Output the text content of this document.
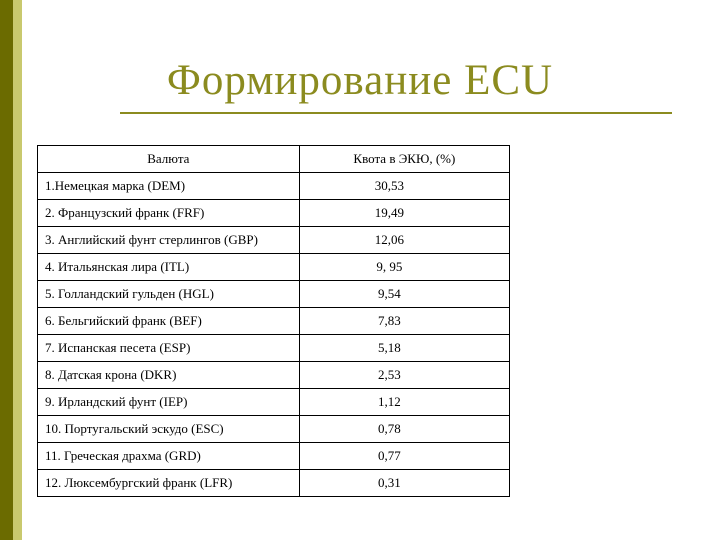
Формирование ECU
Валюта	Квота в ЭКЮ, (%)
1.Немецкая марка (DEM)	30,53
2. Французский франк (FRF)	19,49
3. Английский фунт стерлингов (GBP)	12,06
4. Итальянская лира (ITL)	9, 95
5. Голландский гульден (HGL)	9,54
6. Бельгийский франк (BEF)	7,83
7. Испанская песета (ESP)	5,18
8. Датская крона (DKR)	2,53
9. Ирландский фунт (IEP)	1,12
10. Португальский эскудо (ESC)	0,78
11. Греческая драхма (GRD)	0,77
12. Люксембургский франк (LFR)	0,31
